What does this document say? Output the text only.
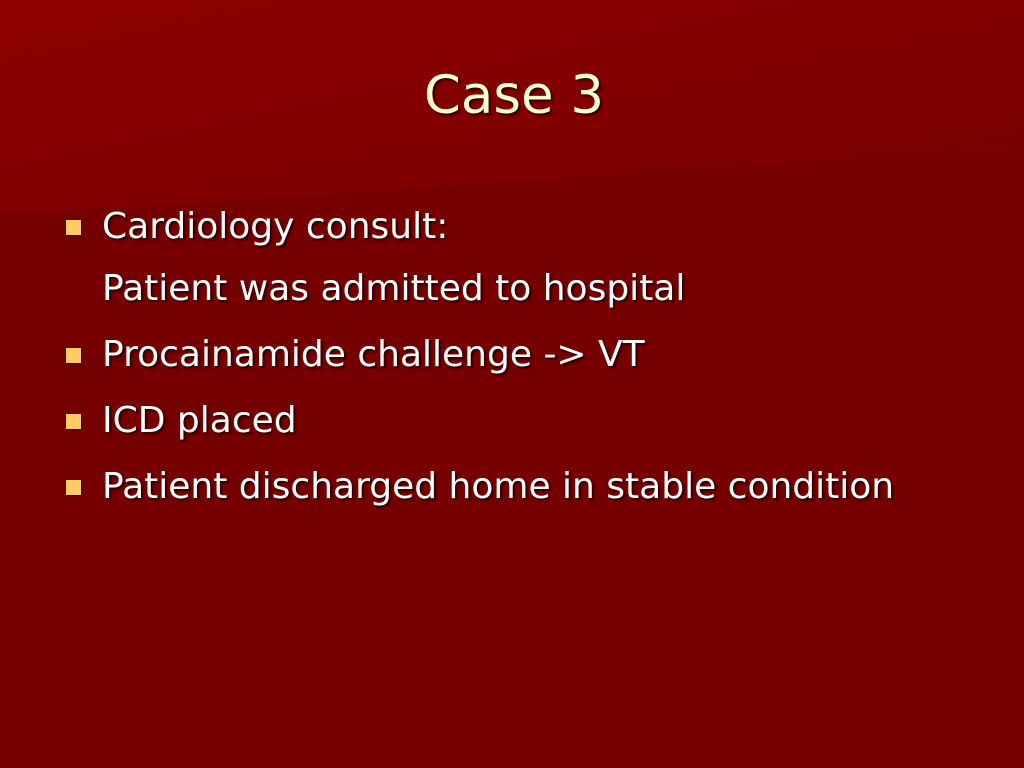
Case 3
Cardiology consult:
Patient was admitted to hospital
Procainamide challenge -> VT
ICD placed
Patient discharged home in stable condition
